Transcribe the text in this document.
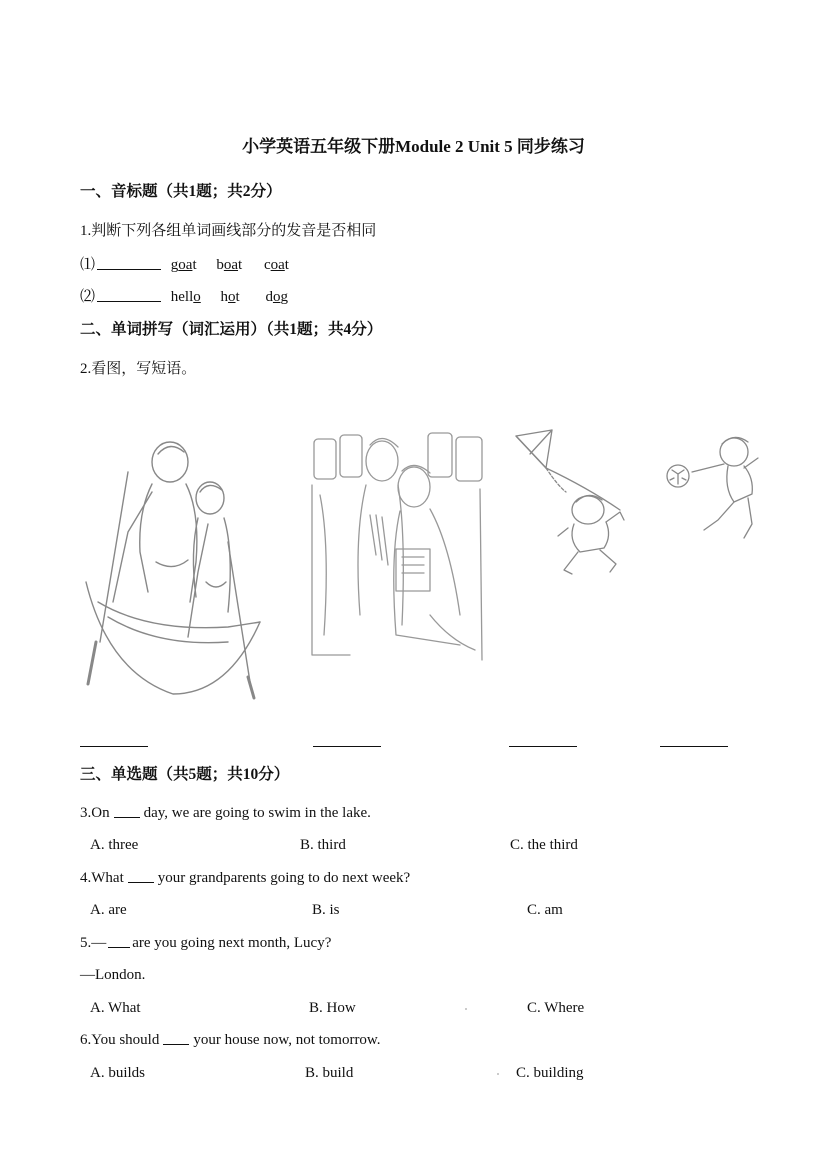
小学英语五年级下册Module 2 Unit 5 同步练习
一、音标题（共1题；共2分）
1.判断下列各组单词画线部分的发音是否相同
⑴	goat boat coat
⑵	hello hot dog
二、单词拼写（词汇运用）（共1题；共4分）
2.看图，写短语。
三、单选题（共5题；共10分）
3.On day, we are going to swim in the lake.
A. three	B. third	C. the third
4.What your grandparents going to do next week?
A. are	B. is	C. am
5.— are you going next month, Lucy?
—London.
A. What	B. How	C. Where
6.You should your house now, not tomorrow.
A. builds	B. build	C. building
